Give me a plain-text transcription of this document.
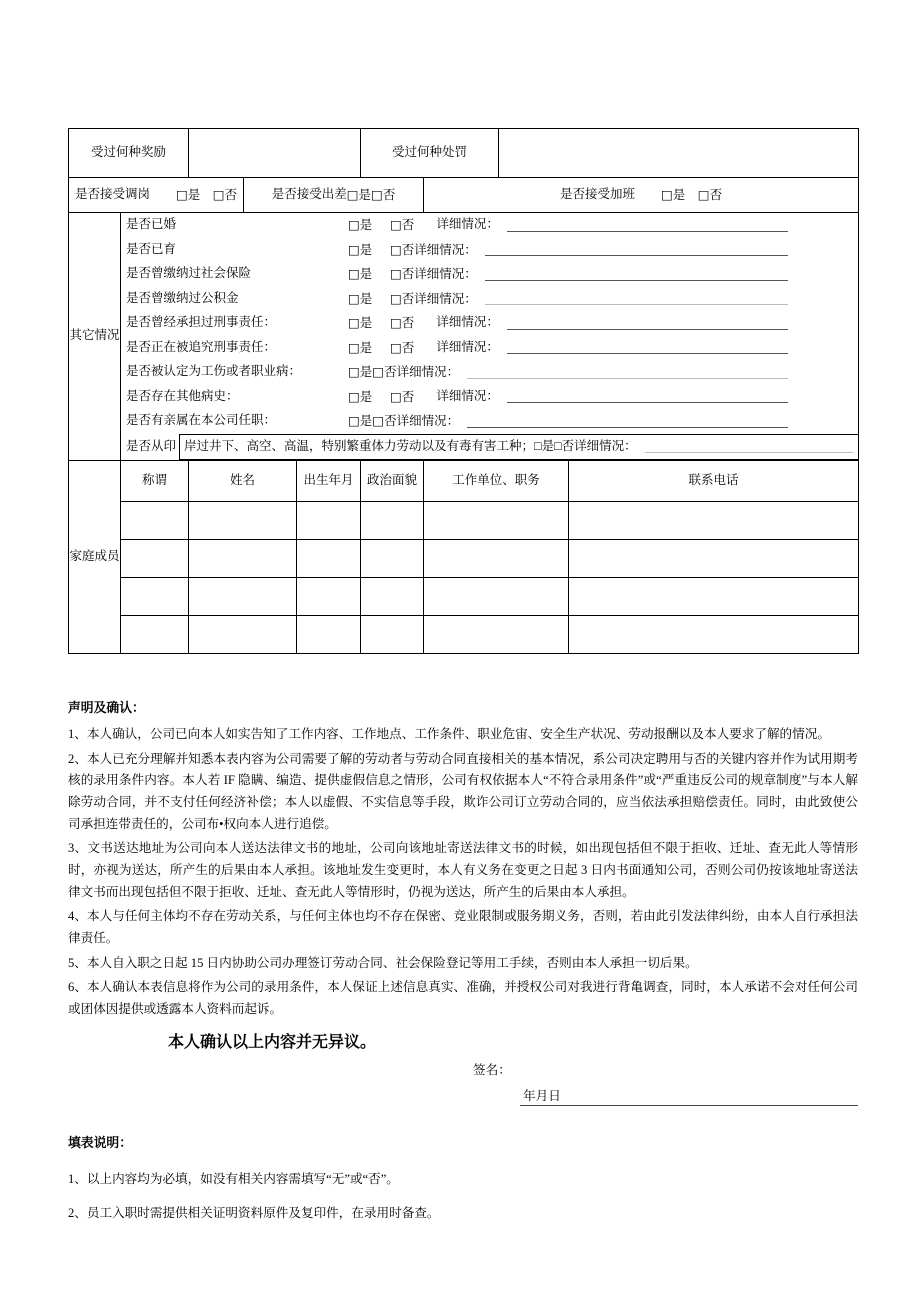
受过何种奖励					受过何种处罚			

是否接受调岗 □是　□否			是否接受出差 □是□否			是否接受加班 □是　□否		

其它情况	
是否已婚	□是	□否	详细情况：
是否已育	□是	□否详细情况：
是否曾缴纳过社会保险	□是	□否详细情况：
是否曾缴纳过公积金	□是	□否详细情况：
是否曾经承担过刑事责任：	□是	□否	详细情况：
是否正在被追究刑事责任：	□是	□否	详细情况：
是否被认定为工伤或者职业病：	□是□否详细情况：
是否存在其他病史：	□是	□否	详细情况：
是否有亲属在本公司任职：	□是□否详细情况：
是否从印 岸过井下、高空、高温，特别繁重体力劳动以及有毒有害工种；□是□否详细情况：

家庭成员	称谓	姓名		出生年月	政治面貌	工作单位、职务		联系电话

声明及确认：

1、本人确认，公司已向本人如实告知了工作内容、工作地点、工作条件、职业危宙、安全生产状况、劳动报酬以及本人要求了解的情况。

2、本人已充分理解并知悉本表内容为公司需要了解的劳动者与劳动合同直接相关的基本情况，系公司决定聘用与否的关键内容并作为试用期考核的录用条件内容。本人若 IF 隐瞒、编造、提供虚假信息之情形，公司有权依据本人“不符合录用条件”或“严重违反公司的规章制度”与本人解除劳动合同，并不支付任何经济补偿；本人以虚假、不实信息等手段，欺诈公司订立劳动合同的，应当依法承担赔偿责任。同时，由此致使公司承担连带责任的，公司布•权向本人进行追偿。

3、文书送达地址为公司向本人送达法律文书的地址，公司向该地址寄送法律文书的时候，如出现包括但不限于拒收、迁址、查无此人等情形时，亦视为送达，所产生的后果由本人承担。该地址发生变更时，本人有义务在变更之日起 3 日内书面通知公司，否则公司仍按该地址寄送法律文书而出现包括但不限于拒收、迁址、查无此人等情形时，仍视为送达，所产生的后果由本人承担。

4、本人与任何主体均不存在劳动关系，与任何主体也均不存在保密、竞业限制或服务期义务，否则，若由此引发法律纠纷，由本人自行承担法律责任。

5、本人自入职之日起 15 日内协助公司办理签订劳动合同、社会保险登记等用工手续，否则由本人承担一切后果。

6、本人确认本表信息将作为公司的录用条件，本人保证上述信息真实、准确，并授权公司对我进行背亀调查，同时，本人承诺不会对任何公司或团体因提供或透露本人资料而起诉。

本人确认以上内容并无异议。
签名：
年月日
填表说明：

1、以上内容均为必填，如没有相关内容需填写“无”或“否”。

2、员工入职时需提供相关证明资料原件及复印件，在录用时备查。
